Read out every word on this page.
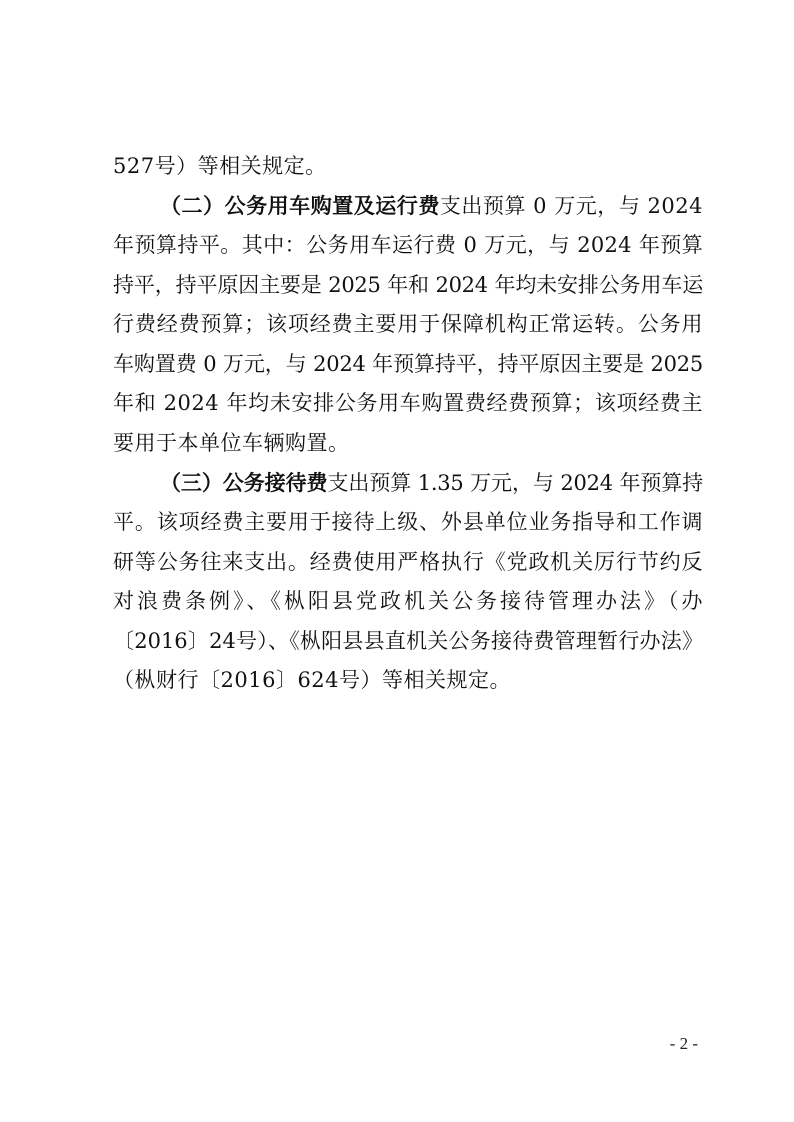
527号）等相关规定。
（二）公务用车购置及运行费支出预算 0 万元，与 2024
年预算持平。其中：公务用车运行费 0 万元，与 2024 年预算
持平，持平原因主要是 2025 年和 2024 年均未安排公务用车运
行费经费预算；该项经费主要用于保障机构正常运转。公务用
车购置费 0 万元，与 2024 年预算持平，持平原因主要是 2025
年和 2024 年均未安排公务用车购置费经费预算；该项经费主
要用于本单位车辆购置。
（三）公务接待费支出预算 1.35 万元，与 2024 年预算持
平。该项经费主要用于接待上级、外县单位业务指导和工作调
研等公务往来支出。经费使用严格执行《党政机关厉行节约反
对浪费条例》、《枞阳县党政机关公务接待管理办法》（办
〔2016〕24号）、《枞阳县县直机关公务接待费管理暂行办法》
（枞财行〔2016〕624号）等相关规定。
- 2 -
